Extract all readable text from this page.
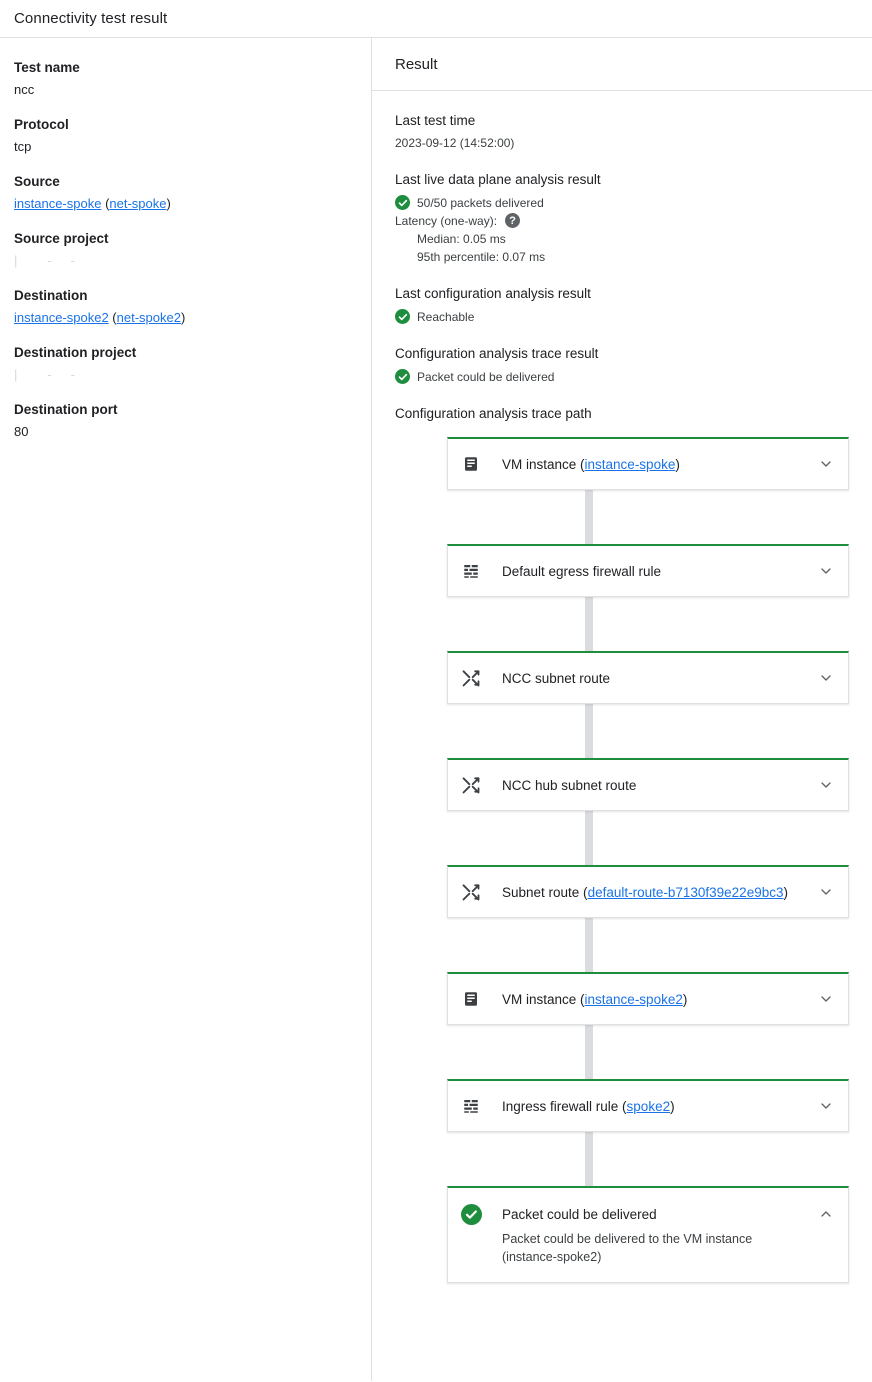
Connectivity test result
Test name
ncc
Protocol
tcp
Source
instance-spoke (net-spoke)
Source project
|     -   -
Destination
instance-spoke2 (net-spoke2)
Destination project
|     -   -
Destination port
80
Result
Last test time
2023-09-12 (14:52:00)
Last live data plane analysis result
50/50 packets delivered
Latency (one-way):	?
Median: 0.05 ms
95th percentile: 0.07 ms
Last configuration analysis result
Reachable
Configuration analysis trace result
Packet could be delivered
Configuration analysis trace path
VM instance (instance-spoke)
Default egress firewall rule
NCC subnet route
NCC hub subnet route
Subnet route (default-route-b7130f39e22e9bc3)
VM instance (instance-spoke2)
Ingress firewall rule (spoke2)
Packet could be delivered
Packet could be delivered to the VM instance (instance-spoke2)
